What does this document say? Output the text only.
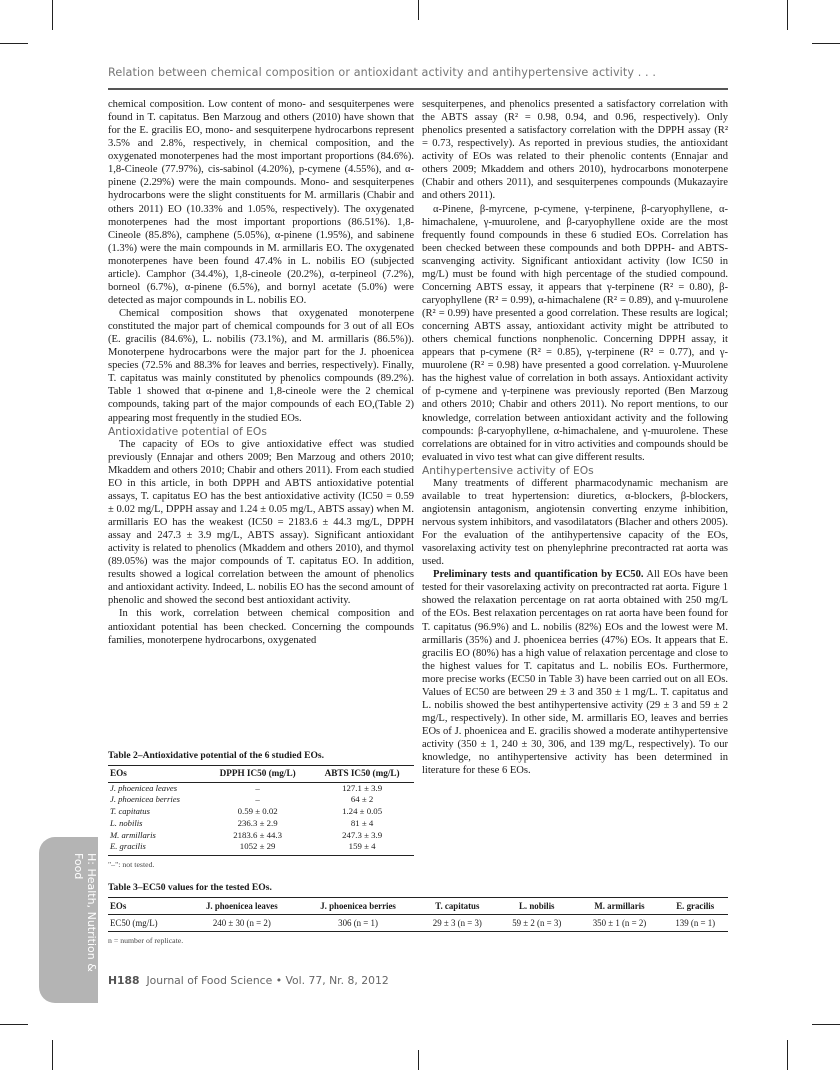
Relation between chemical composition or antioxidant activity and antihypertensive activity . . .

chemical composition. Low content of mono- and sesquiterpenes were found in T. capitatus. Ben Marzoug and others (2010) have shown that for the E. gracilis EO, mono- and sesquiterpene hydrocarbons represent 3.5% and 2.8%, respectively, in chemical composition, and the oxygenated monoterpenes had the most important proportions (84.6%). 1,8-Cineole (77.97%), cis-sabinol (4.20%), p-cymene (4.55%), and α-pinene (2.29%) were the main compounds. Mono- and sesquiterpenes hydrocarbons were the slight constituents for M. armillaris (Chabir and others 2011) EO (10.33% and 1.05%, respectively). The oxygenated monoterpenes had the most important proportions (86.51%). 1,8-Cineole (85.8%), camphene (5.05%), α-pinene (1.95%), and sabinene (1.3%) were the main compounds in M. armillaris EO. The oxygenated monoterpenes have been found 47.4% in L. nobilis EO (subjected article). Camphor (34.4%), 1,8-cineole (20.2%), α-terpineol (7.2%), borneol (6.7%), α-pinene (6.5%), and bornyl acetate (5.0%) were detected as major compounds in L. nobilis EO.

Chemical composition shows that oxygenated monoterpene constituted the major part of chemical compounds for 3 out of all EOs (E. gracilis (84.6%), L. nobilis (73.1%), and M. armillaris (86.5%)). Monoterpene hydrocarbons were the major part for the J. phoenicea species (72.5% and 88.3% for leaves and berries, respectively). Finally, T. capitatus was mainly constituted by phenolics compounds (89.2%). Table 1 showed that α-pinene and 1,8-cineole were the 2 chemical compounds, taking part of the major compounds of each EO,(Table 2) appearing most frequently in the studied EOs.

Antioxidative potential of EOs

The capacity of EOs to give antioxidative effect was studied previously (Ennajar and others 2009; Ben Marzoug and others 2010; Mkaddem and others 2010; Chabir and others 2011). From each studied EO in this article, in both DPPH and ABTS antioxidative potential assays, T. capitatus EO has the best antioxidative activity (IC50 = 0.59 ± 0.02 mg/L, DPPH assay and 1.24 ± 0.05 mg/L, ABTS assay) when M. armillaris EO has the weakest (IC50 = 2183.6 ± 44.3 mg/L, DPPH assay and 247.3 ± 3.9 mg/L, ABTS assay). Significant antioxidant activity is related to phenolics (Mkaddem and others 2010), and thymol (89.05%) was the major compounds of T. capitatus EO. In addition, results showed a logical correlation between the amount of phenolics and antioxidant activity. Indeed, L. nobilis EO has the second amount of phenolic and showed the second best antioxidant activity.

In this work, correlation between chemical composition and antioxidant potential has been checked. Concerning the compounds families, monoterpene hydrocarbons, oxygenated

sesquiterpenes, and phenolics presented a satisfactory correlation with the ABTS assay (R² = 0.98, 0.94, and 0.96, respectively). Only phenolics presented a satisfactory correlation with the DPPH assay (R² = 0.73, respectively). As reported in previous studies, the antioxidant activity of EOs was related to their phenolic contents (Ennajar and others 2009; Mkaddem and others 2010), hydrocarbons monoterpene (Chabir and others 2011), and sesquiterpenes compounds (Mukazayire and others 2011).

α-Pinene, β-myrcene, p-cymene, γ-terpinene, β-caryophyllene, α-himachalene, γ-muurolene, and β-caryophyllene oxide are the most frequently found compounds in these 6 studied EOs. Correlation has been checked between these compounds and both DPPH- and ABTS-scanvenging activity. Significant antioxidant activity (low IC50 in mg/L) must be found with high percentage of the studied compound. Concerning ABTS essay, it appears that γ-terpinene (R² = 0.80), β-caryophyllene (R² = 0.99), α-himachalene (R² = 0.89), and γ-muurolene (R² = 0.99) have presented a good correlation. These results are logical; concerning ABTS assay, antioxidant activity might be attributed to others chemical functions nonphenolic. Concerning DPPH assay, it appears that p-cymene (R² = 0.85), γ-terpinene (R² = 0.77), and γ-muurolene (R² = 0.98) have presented a good correlation. γ-Muurolene has the highest value of correlation in both assays. Antioxidant activity of p-cymene and γ-terpinene was previously reported (Ben Marzoug and others 2010; Chabir and others 2011). No report mentions, to our knowledge, correlation between antioxidant activity and the following compounds: β-caryophyllene, α-himachalene, and γ-muurolene. These correlations are obtained for in vitro activities and compounds should be evaluated in vivo test what can give different results.

Antihypertensive activity of EOs

Many treatments of different pharmacodynamic mechanism are available to treat hypertension: diuretics, α-blockers, β-blockers, angiotensin antagonism, angiotensin converting enzyme inhibition, nervous system inhibitors, and vasodilatators (Blacher and others 2005). For the evaluation of the antihypertensive capacity of the EOs, vasorelaxing activity test on phenylephrine precontracted rat aorta was used.

Preliminary tests and quantification by EC50. All EOs have been tested for their vasorelaxing activity on precontracted rat aorta. Figure 1 showed the relaxation percentage on rat aorta obtained with 250 mg/L of the EOs. Best relaxation percentages on rat aorta have been found for T. capitatus (96.9%) and L. nobilis (82%) EOs and the lowest were M. armillaris (35%) and J. phoenicea berries (47%) EOs. It appears that E. gracilis EO (80%) has a high value of relaxation percentage and close to the highest values for T. capitatus and L. nobilis EOs. Furthermore, more precise works (EC50 in Table 3) have been carried out on all EOs. Values of EC50 are between 29 ± 3 and 350 ± 1 mg/L. T. capitatus and L. nobilis showed the best antihypertensive activity (29 ± 3 and 59 ± 2 mg/L, respectively). In other side, M. armillaris EO, leaves and berries EOs of J. phoenicea and E. gracilis showed a moderate antihypertensive activity (350 ± 1, 240 ± 30, 306, and 139 mg/L, respectively). To our knowledge, no antihypertensive activity has been determined in literature for these 6 EOs.

Table 2–Antioxidative potential of the 6 studied EOs.
EOs	DPPH IC50 (mg/L)	ABTS IC50 (mg/L)
J. phoenicea leaves	–	127.1 ± 3.9
J. phoenicea berries	–	64 ± 2
T. capitatus	0.59 ± 0.02	1.24 ± 0.05
L. nobilis	236.3 ± 2.9	81 ± 4
M. armillaris	2183.6 ± 44.3	247.3 ± 3.9
E. gracilis	1052 ± 29	159 ± 4
"–": not tested.
Table 3–EC50 values for the tested EOs.
EOs	J. phoenicea leaves	J. phoenicea berries	T. capitatus	L. nobilis	M. armillaris	E. gracilis
EC50 (mg/L)	240 ± 30 (n = 2)	306 (n = 1)	29 ± 3 (n = 3)	59 ± 2 (n = 3)	350 ± 1 (n = 2)	139 (n = 1)
n = number of replicate.
H: Health, Nutrition & Food
H188 Journal of Food Science • Vol. 77, Nr. 8, 2012
